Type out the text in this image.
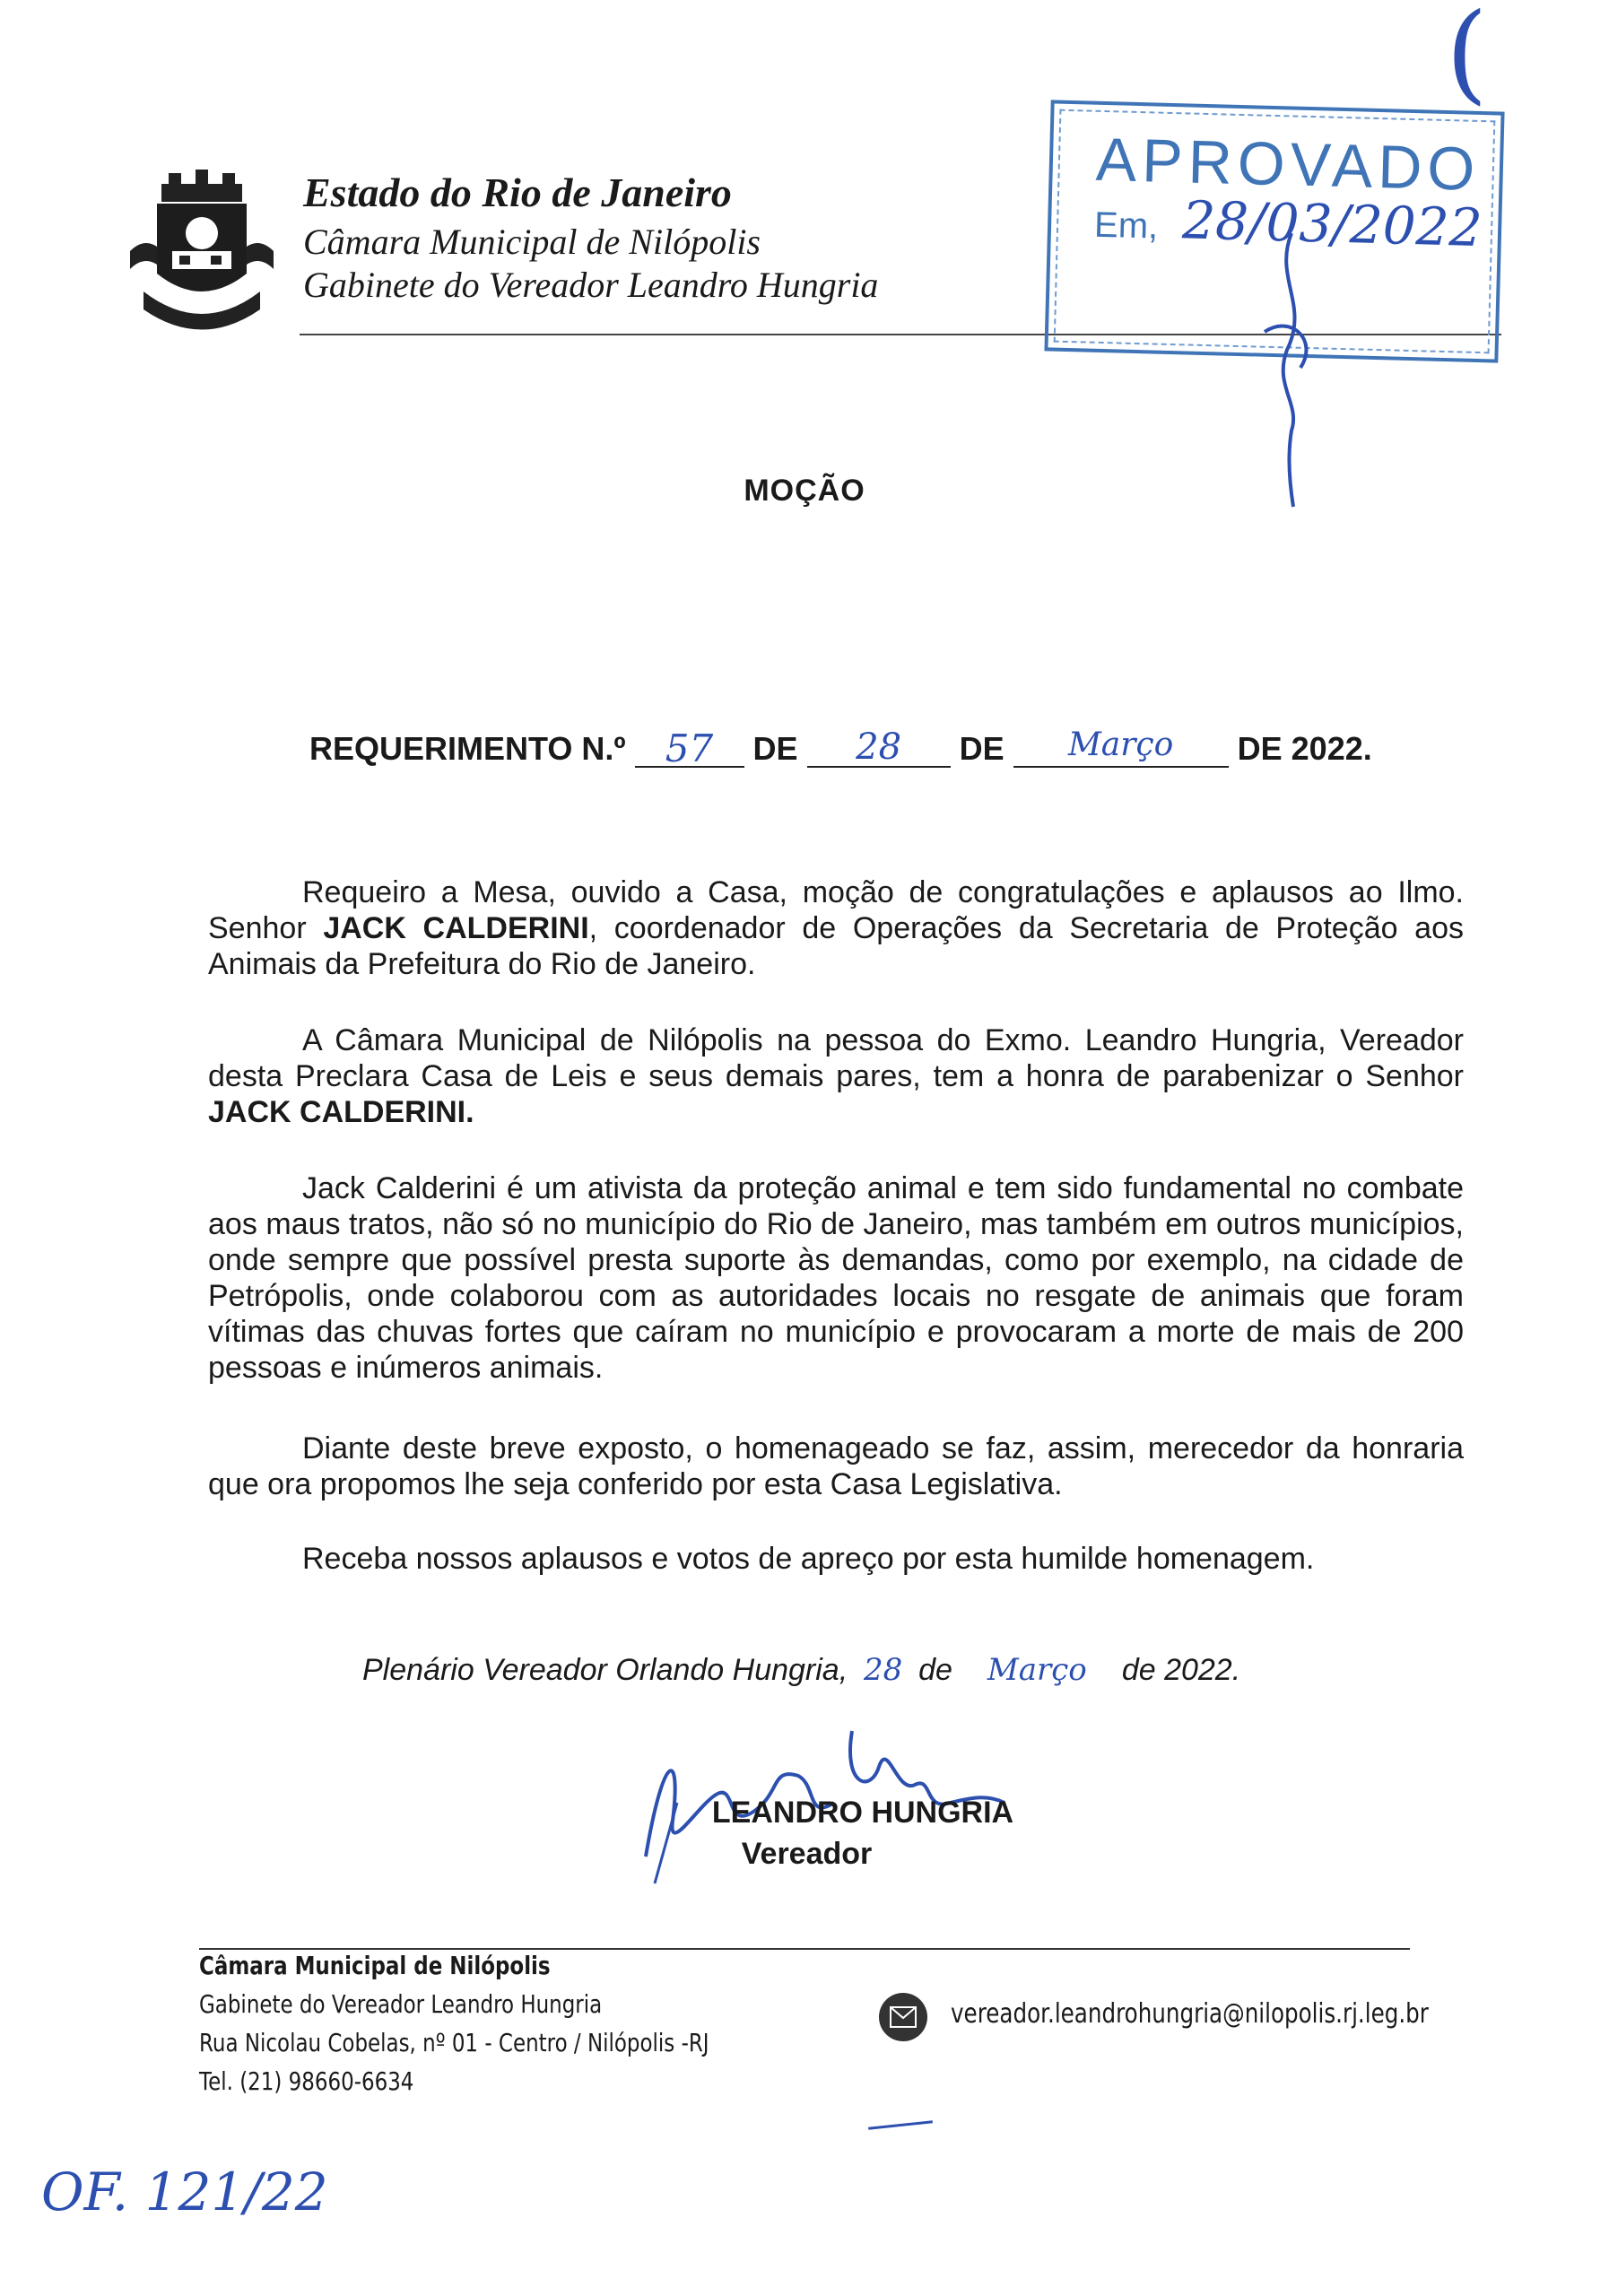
Estado do Rio de Janeiro
Câmara Municipal de Nilópolis
Gabinete do Vereador Leandro Hungria
(
APROVADO
Em, 28/03/2022
MOÇÃO
REQUERIMENTO N.º 57 DE 28 DE Março DE 2022.

Requeiro a Mesa, ouvido a Casa, moção de congratulações e aplausos ao Ilmo. Senhor JACK CALDERINI, coordenador de Operações da Secretaria de Proteção aos Animais da Prefeitura do Rio de Janeiro.

A Câmara Municipal de Nilópolis na pessoa do Exmo. Leandro Hungria, Vereador desta Preclara Casa de Leis e seus demais pares, tem a honra de parabenizar o Senhor JACK CALDERINI.

Jack Calderini é um ativista da proteção animal e tem sido fundamental no combate aos maus tratos, não só no município do Rio de Janeiro, mas também em outros municípios, onde sempre que possível presta suporte às demandas, como por exemplo, na cidade de Petrópolis, onde colaborou com as autoridades locais no resgate de animais que foram vítimas das chuvas fortes que caíram no município e provocaram a morte de mais de 200 pessoas e inúmeros animais.

Diante deste breve exposto, o homenageado se faz, assim, merecedor da honraria que ora propomos lhe seja conferido por esta Casa Legislativa.

Receba nossos aplausos e votos de apreço por esta humilde homenagem.

Plenário Vereador Orlando Hungria, 28 de Março de 2022.
LEANDRO HUNGRIA
Vereador
Câmara Municipal de Nilópolis
Gabinete do Vereador Leandro Hungria
Rua Nicolau Cobelas, nº 01 - Centro / Nilópolis -RJ
Tel. (21) 98660-6634
vereador.leandrohungria@nilopolis.rj.leg.br
OF. 121/22
